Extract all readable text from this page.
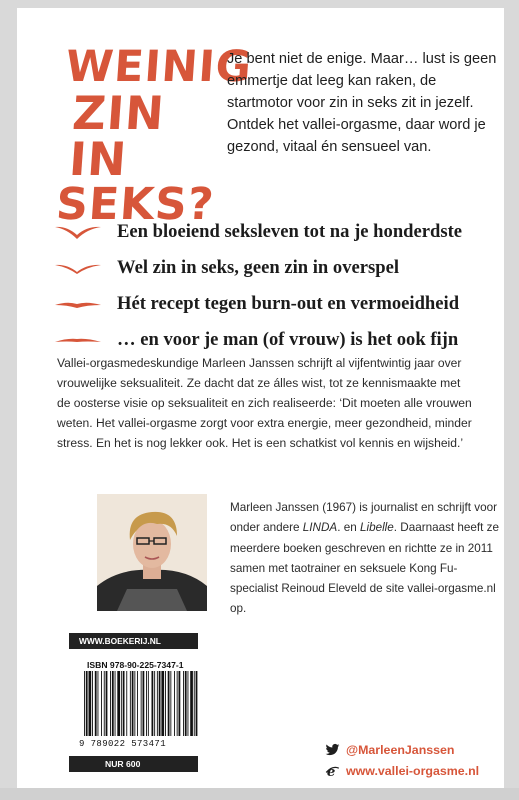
WEINIG
ZIN IN
SEKS?
Je bent niet de enige. Maar… lust is geen emmertje dat leeg kan raken, de startmotor voor zin in seks zit in jezelf. Ontdek het vallei-orgasme, daar word je gezond, vitaal én sensueel van.
Een bloeiend seksleven tot na je honderdste
Wel zin in seks, geen zin in overspel
Hét recept tegen burn-out en vermoeidheid
… en voor je man (of vrouw) is het ook fijn
Vallei-orgasmedeskundige Marleen Janssen schrijft al vijfentwintig jaar over vrouwelijke seksualiteit. Ze dacht dat ze álles wist, tot ze kennismaakte met de oosterse visie op seksualiteit en zich realiseerde: ‘Dit moeten alle vrouwen weten. Het vallei-orgasme zorgt voor extra energie, meer gezondheid, minder stress. En het is nog lekker ook. Het is een schatkist vol kennis en wijsheid.’
Marleen Janssen (1967) is journalist en schrijft voor onder andere LINDA. en Libelle. Daarnaast heeft ze meerdere boeken geschreven en richtte ze in 2011 samen met taotrainer en seksuele Kong Fu-specialist Reinoud Eleveld de site vallei-orgasme.nl op.
WWW.BOEKERIJ.NL
ISBN 978-90-225-7347-1
9 789022 573471
NUR 600
@MarleenJanssen
e www.vallei-orgasme.nl
